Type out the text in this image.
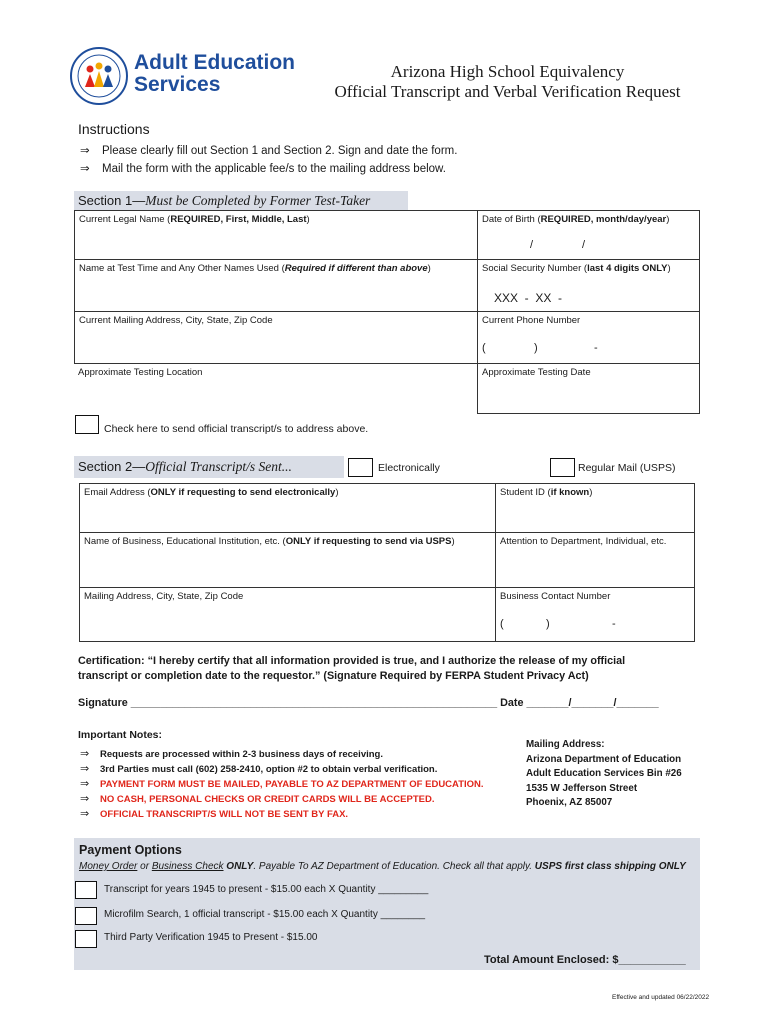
Adult Education
Services
Arizona High School Equivalency
Official Transcript and Verbal Verification Request
Instructions
⇒ Please clearly fill out Section 1 and Section 2. Sign and date the form.
⇒ Mail the form with the applicable fee/s to the mailing address below.
Section 1—Must be Completed by Former Test-Taker
Current Legal Name (REQUIRED, First, Middle, Last)	Date of Birth (REQUIRED, month/day/year)
/	/
Name at Test Time and Any Other Names Used (Required if different than above)	Social Security Number (last 4 digits ONLY)
XXX  -  XX  -
Current Mailing Address, City, State, Zip Code	Current Phone Number
(	)	-
Approximate Testing Location	Approximate Testing Date
Check here to send official transcript/s to address above.
Section 2—Official Transcript/s Sent...	Electronically	Regular Mail (USPS)
Email Address (ONLY if requesting to send electronically)	Student ID (if known)
Name of Business, Educational Institution, etc. (ONLY if requesting to send via USPS)	Attention to Department, Individual, etc.
Mailing Address, City, State, Zip Code	Business Contact Number
(	)	-
Certification: “I hereby certify that all information provided is true, and I authorize the release of my official
transcript or completion date to the requestor.” (Signature Required by FERPA Student Privacy Act)
Signature _____________________________________________________________ Date _______/_______/_______
Important Notes:
⇒ Requests are processed within 2-3 business days of receiving.
⇒ 3rd Parties must call (602) 258-2410, option #2 to obtain verbal verification.
⇒ PAYMENT FORM MUST BE MAILED, PAYABLE TO AZ DEPARTMENT OF EDUCATION.
⇒ NO CASH, PERSONAL CHECKS OR CREDIT CARDS WILL BE ACCEPTED.
⇒ OFFICIAL TRANSCRIPT/S WILL NOT BE SENT BY FAX.
Mailing Address:
Arizona Department of Education
Adult Education Services Bin #26
1535 W Jefferson Street
Phoenix, AZ 85007
Payment Options
Money Order or Business Check ONLY. Payable To AZ Department of Education. Check all that apply. USPS first class shipping ONLY
Transcript for years 1945 to present - $15.00 each X Quantity _________
Microfilm Search, 1 official transcript - $15.00 each X Quantity ________
Third Party Verification 1945 to Present - $15.00
Total Amount Enclosed: $___________
Effective and updated 06/22/2022
